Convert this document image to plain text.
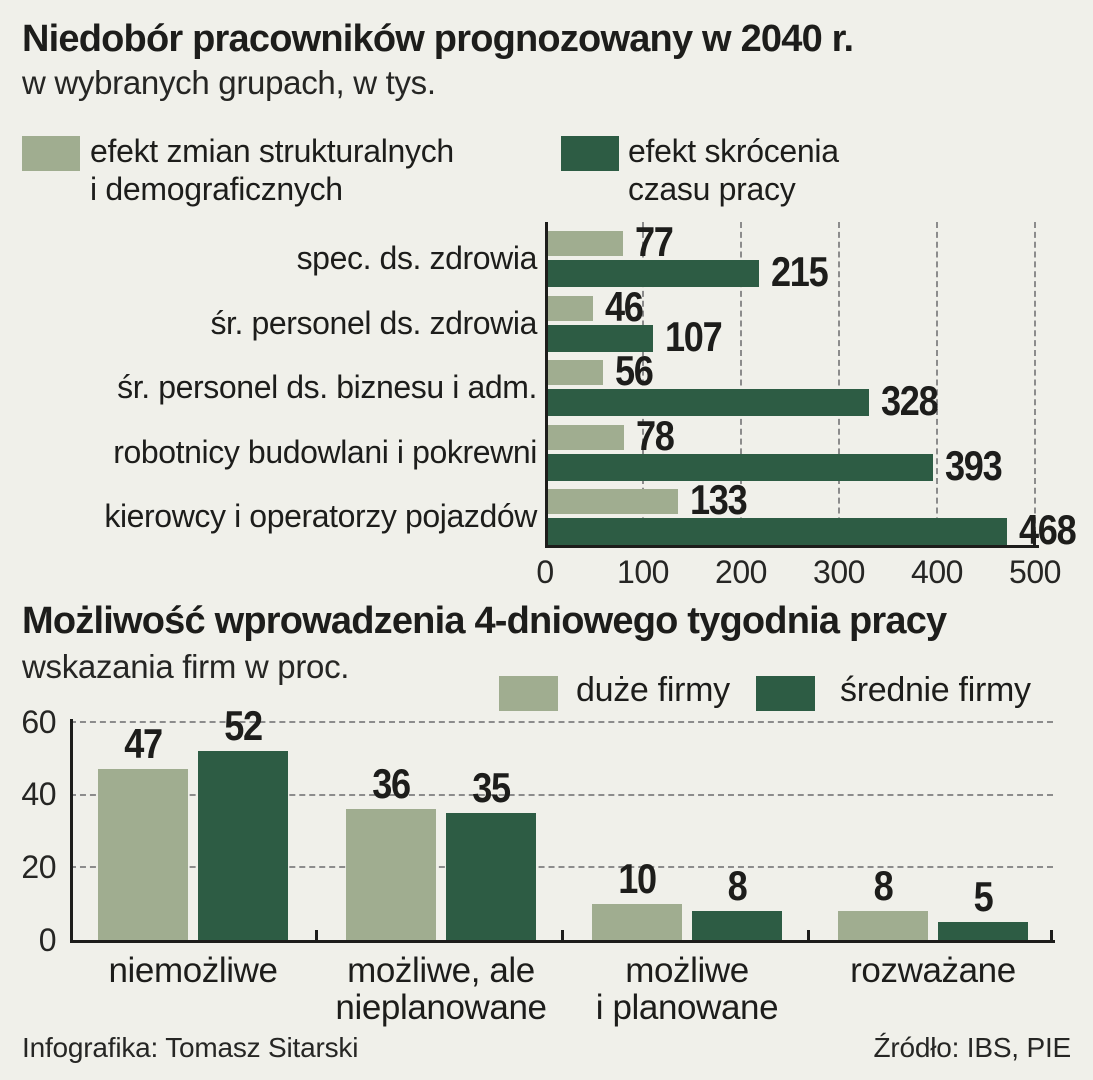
Niedobór pracowników prognozowany w 2040 r.
w wybranych grupach, w tys.
efekt zmian strukturalnych
i demograficznych
efekt skrócenia
czasu pracy
0	100	200	300	400	500
spec. ds. zdrowia 77
215
śr. personel ds. zdrowia 46
107
śr. personel ds. biznesu i adm. 56
328
robotnicy budowlani i pokrewni 78
393
kierowcy i operatorzy pojazdów	133
468
Możliwość wprowadzenia 4-dniowego tygodnia pracy
wskazania firm w proc.
duże firmy	średnie firmy
0
20
40
60	47	52
niemożliwe
36	35
możliwe, ale
nieplanowane
10	8
możliwe
i planowane
8	5
rozważane
Infografika: Tomasz Sitarski	Źródło: IBS, PIE
